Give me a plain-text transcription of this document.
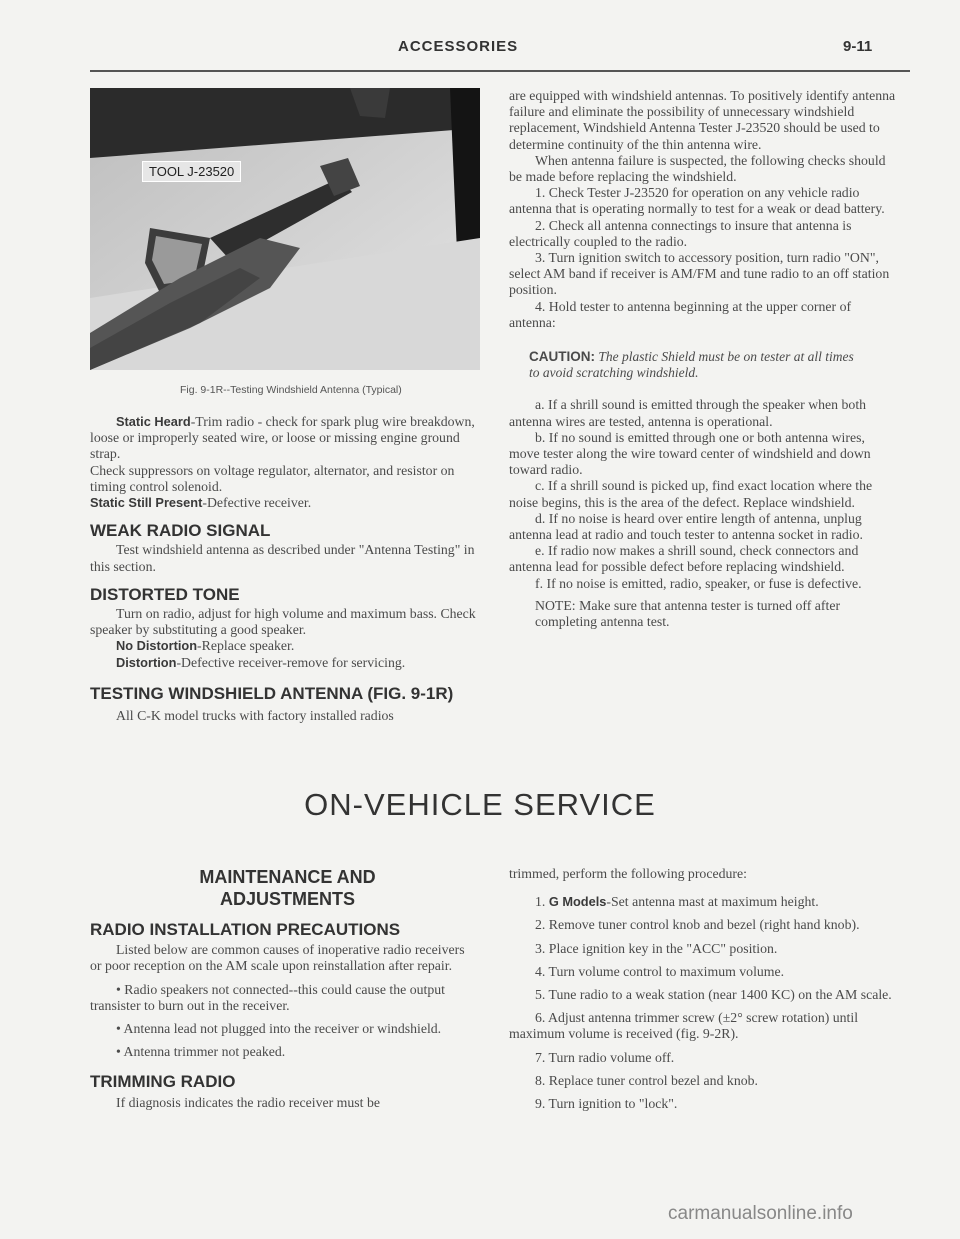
ACCESSORIES	9-11
TOOL J-23520
Fig. 9-1R--Testing Windshield Antenna (Typical)

Static Heard-Trim radio - check for spark plug wire breakdown, loose or improperly seated wire, or loose or missing engine ground strap.

Check suppressors on voltage regulator, alternator, and resistor on timing control solenoid.

Static Still Present-Defective receiver.

WEAK RADIO SIGNAL

Test windshield antenna as described under "Antenna Testing" in this section.

DISTORTED TONE

Turn on radio, adjust for high volume and maximum bass. Check speaker by substituting a good speaker.

No Distortion-Replace speaker.

Distortion-Defective receiver-remove for servicing.

TESTING WINDSHIELD ANTENNA (FIG. 9-1R)

All C-K model trucks with factory installed radios

are equipped with windshield antennas. To positively identify antenna failure and eliminate the possibility of unnecessary windshield replacement, Windshield Antenna Tester J-23520 should be used to determine continuity of the thin antenna wire.

When antenna failure is suspected, the following checks should be made before replacing the windshield.

1. Check Tester J-23520 for operation on any vehicle radio antenna that is operating normally to test for a weak or dead battery.

2. Check all antenna connectings to insure that antenna is electrically coupled to the radio.

3. Turn ignition switch to accessory position, turn radio "ON", select AM band if receiver is AM/FM and tune radio to an off station position.

4. Hold tester to antenna beginning at the upper corner of antenna:

CAUTION: The plastic Shield must be on tester at all times to avoid scratching windshield.

a. If a shrill sound is emitted through the speaker when both antenna wires are tested, antenna is operational.

b. If no sound is emitted through one or both antenna wires, move tester along the wire toward center of windshield and down toward radio.

c. If a shrill sound is picked up, find exact location where the noise begins, this is the area of the defect. Replace windshield.

d. If no noise is heard over entire length of antenna, unplug antenna lead at radio and touch tester to antenna socket in radio.

e. If radio now makes a shrill sound, check connectors and antenna lead for possible defect before replacing windshield.

f. If no noise is emitted, radio, speaker, or fuse is defective.

NOTE: Make sure that antenna tester is turned off after completing antenna test.

ON-VEHICLE SERVICE
MAINTENANCE AND
ADJUSTMENTS

RADIO INSTALLATION PRECAUTIONS

Listed below are common causes of inoperative radio receivers or poor reception on the AM scale upon reinstallation after repair.

• Radio speakers not connected--this could cause the output transister to burn out in the receiver.

• Antenna lead not plugged into the receiver or windshield.

• Antenna trimmer not peaked.

TRIMMING RADIO

If diagnosis indicates the radio receiver must be

trimmed, perform the following procedure:

1. G Models-Set antenna mast at maximum height.

2. Remove tuner control knob and bezel (right hand knob).

3. Place ignition key in the "ACC" position.

4. Turn volume control to maximum volume.

5. Tune radio to a weak station (near 1400 KC) on the AM scale.

6. Adjust antenna trimmer screw (±2° screw rotation) until maximum volume is received (fig. 9-2R).

7. Turn radio volume off.

8. Replace tuner control bezel and knob.

9. Turn ignition to "lock".

carmanualsonline.info
